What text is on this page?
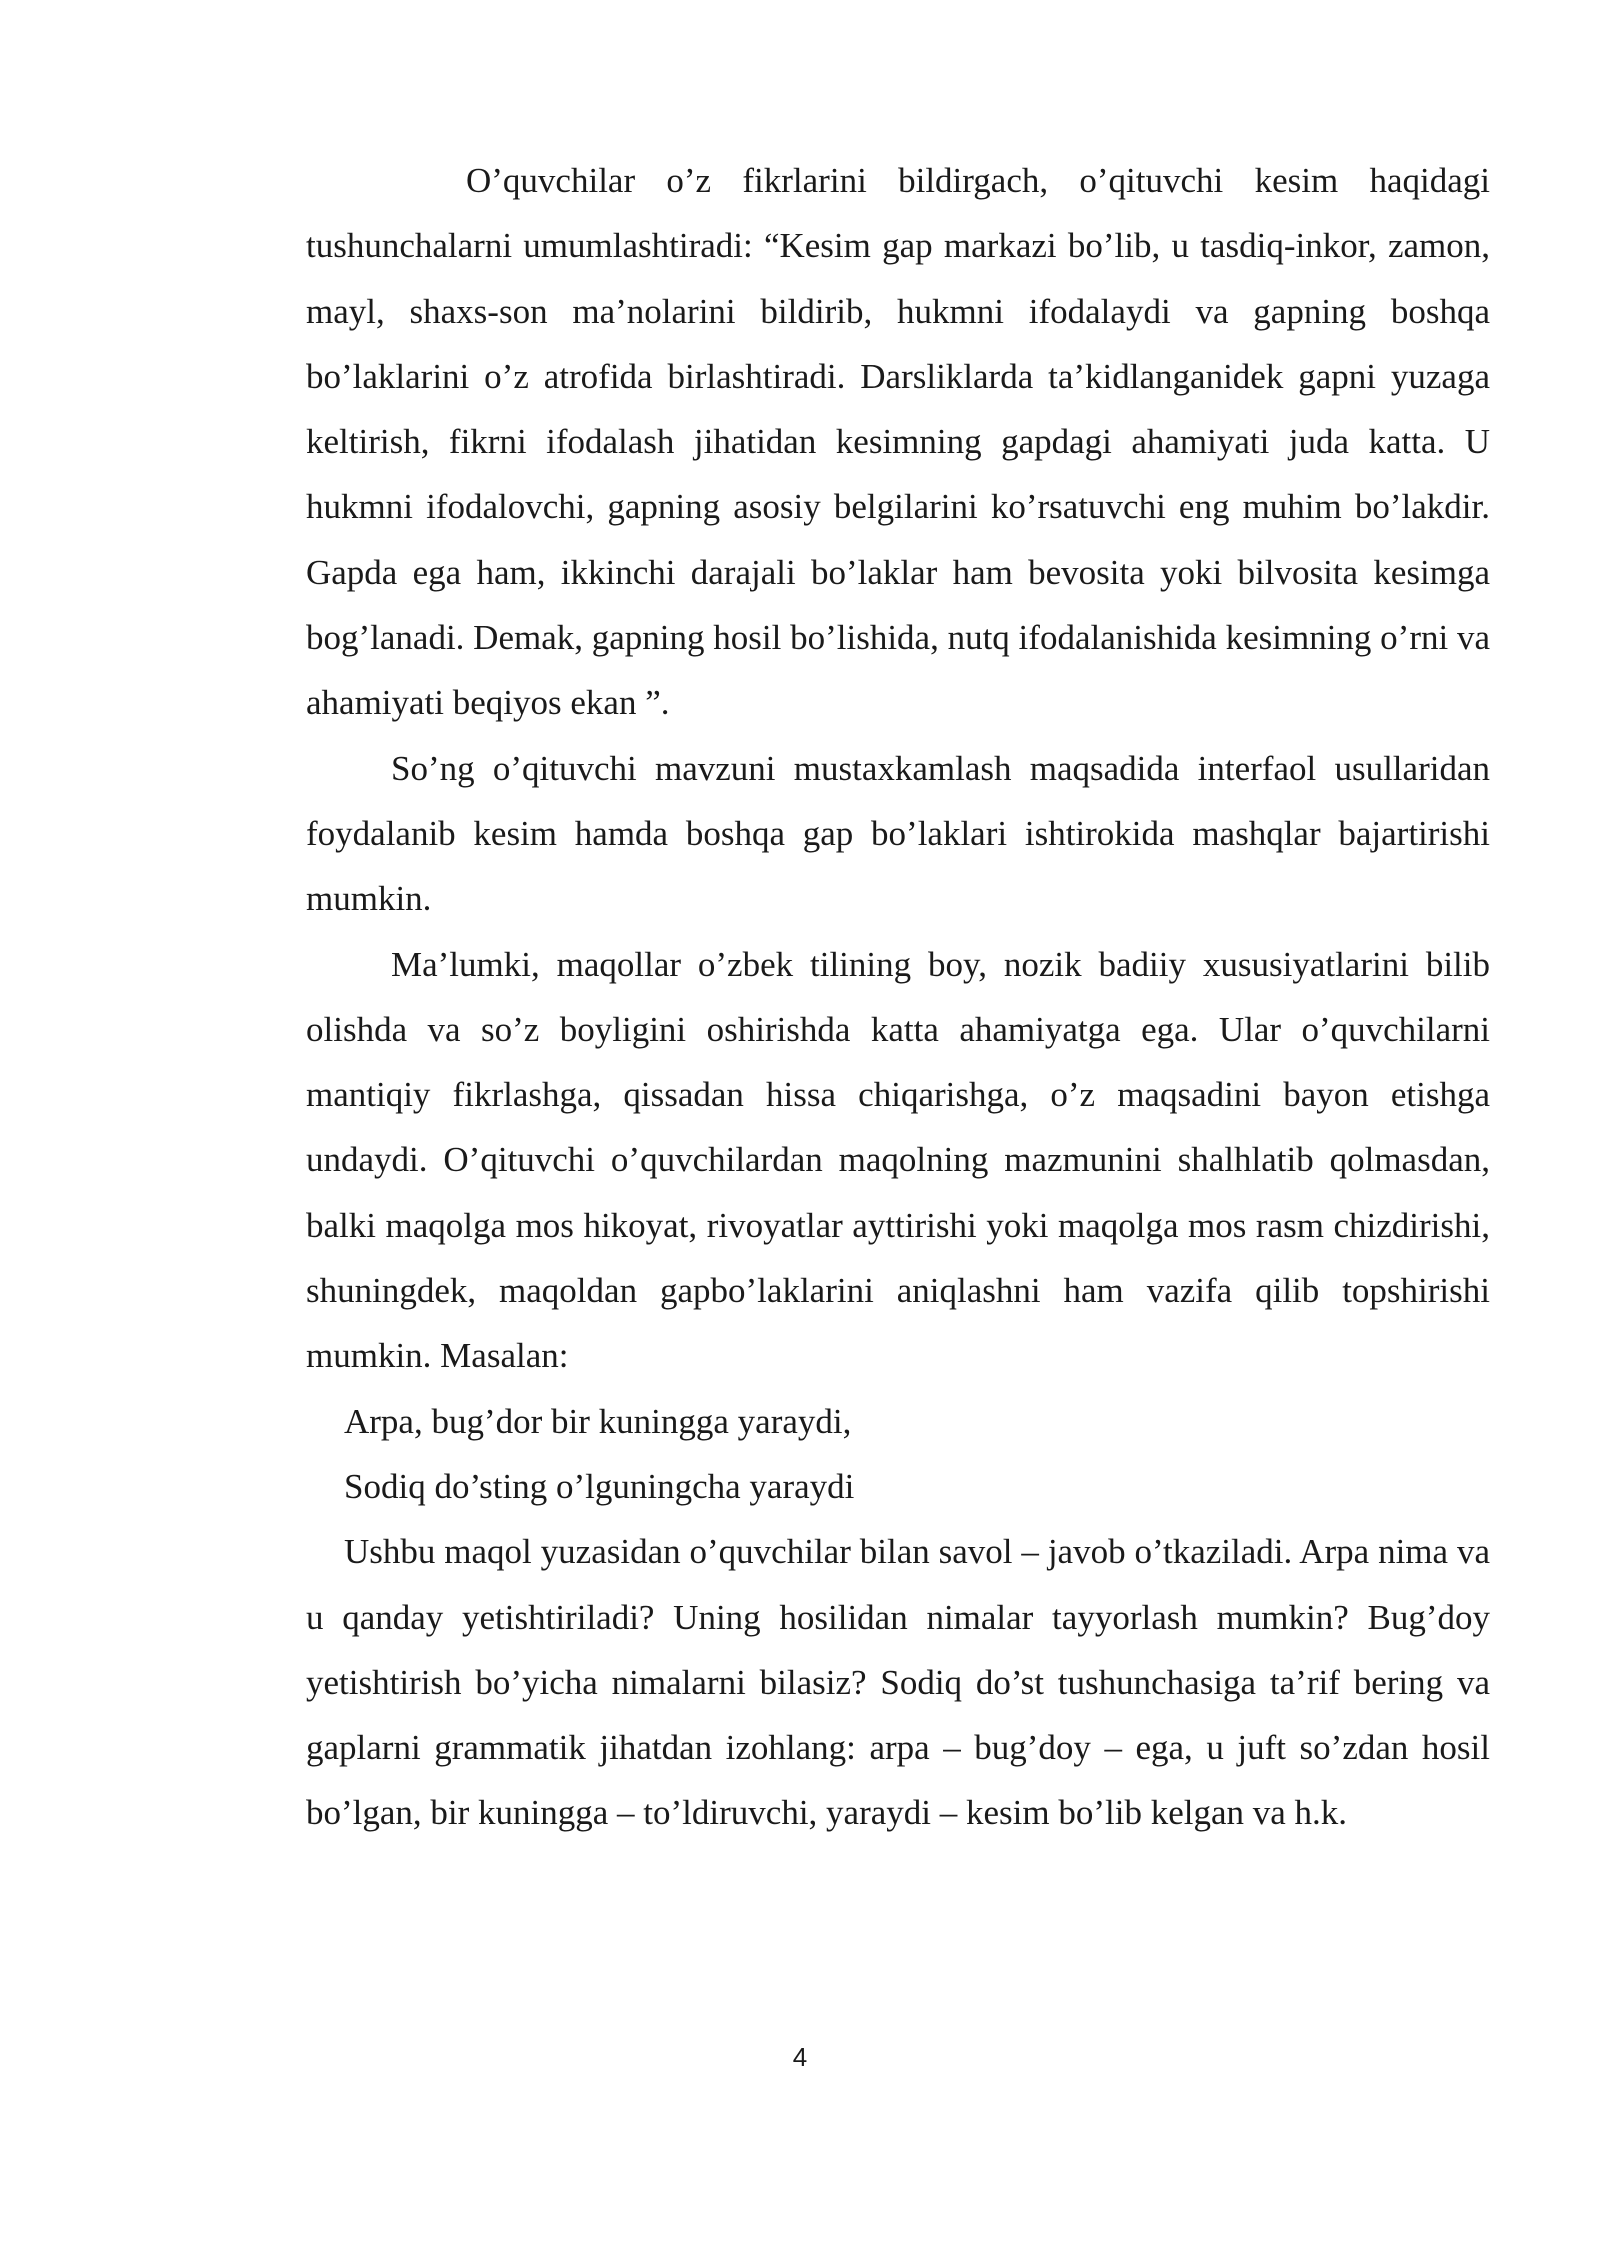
O’quvchilar o’z fikrlarini bildirgach, o’qituvchi kesim haqidagi tushunchalarni umumlashtiradi: “Kesim gap markazi bo’lib, u tasdiq-inkor, zamon, mayl, shaxs-son ma’nolarini bildirib, hukmni ifodalaydi va gapning boshqa bo’laklarini o’z atrofida birlashtiradi. Darsliklarda ta’kidlanganidek gapni yuzaga keltirish, fikrni ifodalash jihatidan kesimning gapdagi ahamiyati juda katta. U hukmni ifodalovchi, gapning asosiy belgilarini ko’rsatuvchi eng muhim bo’lakdir. Gapda ega ham, ikkinchi darajali bo’laklar ham bevosita yoki bilvosita kesimga bog’lanadi. Demak, gapning hosil bo’lishida, nutq ifodalanishida kesimning o’rni va ahamiyati beqiyos ekan ”.

So’ng o’qituvchi mavzuni mustaxkamlash maqsadida interfaol usullaridan foydalanib kesim hamda boshqa gap bo’laklari ishtirokida mashqlar bajartirishi mumkin.

Ma’lumki, maqollar o’zbek tilining boy, nozik badiiy xususiyatlarini bilib olishda va so’z boyligini oshirishda katta ahamiyatga ega. Ular o’quvchilarni mantiqiy fikrlashga, qissadan hissa chiqarishga, o’z maqsadini bayon etishga undaydi. O’qituvchi o’quvchilardan maqolning mazmunini shalhlatib qolmasdan, balki maqolga mos hikoyat, rivoyatlar ayttirishi yoki maqolga mos rasm chizdirishi, shuningdek, maqoldan gapbo’laklarini aniqlashni ham vazifa qilib topshirishi mumkin. Masalan:

Arpa, bug’dor bir kuningga yaraydi,

Sodiq do’sting o’lguningcha yaraydi

Ushbu maqol yuzasidan o’quvchilar bilan savol – javob o’tkaziladi. Arpa nima va u qanday yetishtiriladi? Uning hosilidan nimalar tayyorlash mumkin? Bug’doy yetishtirish bo’yicha nimalarni bilasiz? Sodiq do’st tushunchasiga ta’rif bering va gaplarni grammatik jihatdan izohlang: arpa – bug’doy – ega, u juft so’zdan hosil bo’lgan, bir kuningga – to’ldiruvchi, yaraydi – kesim bo’lib kelgan va h.k.

4
